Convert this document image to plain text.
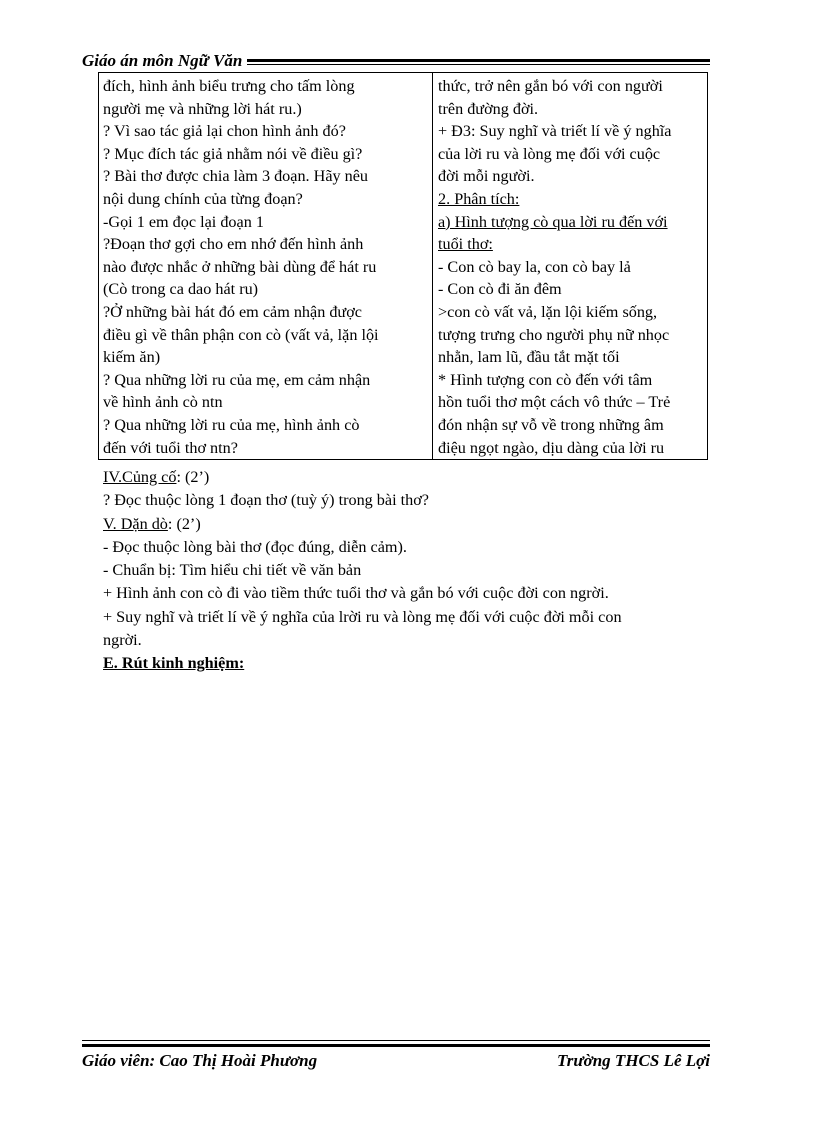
Giáo án môn Ngữ Văn
đích, hình ảnh biểu trưng cho tấm lòng
người mẹ và những lời hát ru.)
? Vì sao tác giả lại chon hình ảnh đó?
? Mục đích tác giả nhằm nói về điều gì?
? Bài thơ được chia làm 3 đoạn. Hãy nêu
nội dung chính của từng đoạn?
-Gọi 1 em đọc lại đoạn 1
?Đoạn thơ gợi cho em nhớ đến hình ảnh
nào được nhắc ở những bài dùng để hát ru
(Cò trong ca dao hát ru)
?Ở những bài hát đó em cảm nhận được
điều gì về thân phận con cò (vất vả, lặn lội
kiếm ăn)
? Qua những lời ru của mẹ, em cảm nhận
về hình ảnh cò ntn
? Qua những lời ru của mẹ, hình ảnh cò
đến với tuổi thơ ntn?
thức, trở nên gắn bó với con người
trên đường đời.
+ Đ3: Suy nghĩ và triết lí về ý nghĩa
của lời ru và lòng mẹ đối với cuộc
đời mỗi người.
2. Phân tích:
a) Hình tượng cò qua lời ru đến với
tuổi thơ:
- Con cò bay la, con cò bay lả
- Con cò đi ăn đêm
>con cò vất vả, lặn lội kiếm sống,
tượng trưng cho người phụ nữ nhọc
nhằn, lam lũ, đầu tắt mặt tối
* Hình tượng con cò đến với tâm
hồn tuổi thơ một cách vô thức – Trẻ
đón nhận sự vỗ về trong những âm
điệu ngọt ngào, dịu dàng của lời ru
IV.Củng cố: (2’)
? Đọc thuộc lòng 1 đoạn thơ (tuỳ ý) trong bài thơ?
V. Dặn dò: (2’)
- Đọc thuộc lòng bài thơ (đọc đúng, diễn cảm).
- Chuẩn bị: Tìm hiểu chi tiết về văn bản
+ Hình ảnh con cò đi vào tiềm thức tuổi thơ và gắn bó với cuộc đời con ngrời.
+ Suy nghĩ và triết lí về ý nghĩa của lrời ru và lòng mẹ đối với cuộc đời mỗi con
ngrời.
E. Rút kinh nghiệm:
Giáo viên: Cao Thị Hoài Phương	Trường THCS Lê Lợi
